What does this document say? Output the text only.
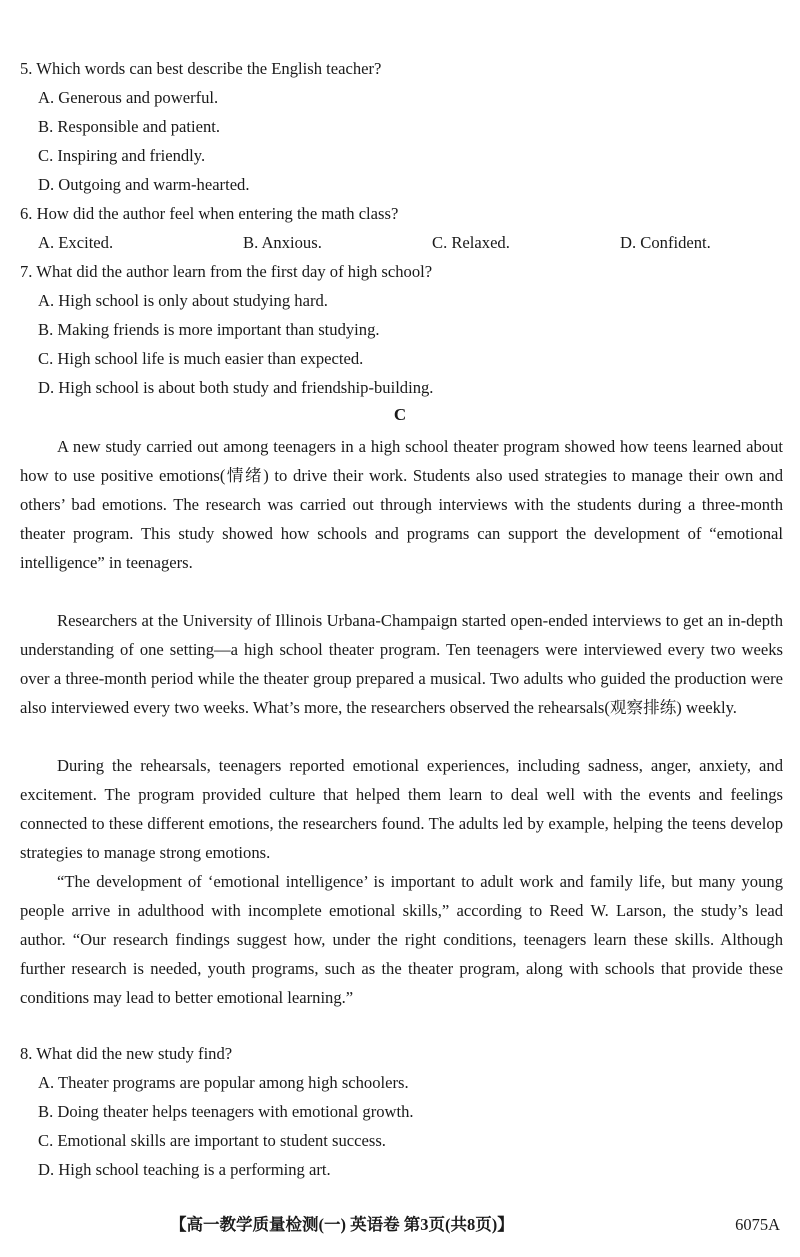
5. Which words can best describe the English teacher?
A. Generous and powerful.
B. Responsible and patient.
C. Inspiring and friendly.
D. Outgoing and warm-hearted.
6. How did the author feel when entering the math class?
A. Excited.	B. Anxious.	C. Relaxed.	D. Confident.
7. What did the author learn from the first day of high school?
A. High school is only about studying hard.
B. Making friends is more important than studying.
C. High school life is much easier than expected.
D. High school is about both study and friendship-building.
C

A new study carried out among teenagers in a high school theater program showed how teens learned about how to use positive emotions(情绪) to drive their work. Students also used strategies to manage their own and others’ bad emotions. The research was carried out through interviews with the students during a three-month theater program. This study showed how schools and programs can support the development of “emotional intelligence” in teenagers.

Researchers at the University of Illinois Urbana-Champaign started open-ended interviews to get an in-depth understanding of one setting—a high school theater program. Ten teenagers were interviewed every two weeks over a three-month period while the theater group prepared a musical. Two adults who guided the production were also interviewed every two weeks. What’s more, the researchers observed the rehearsals(观察排练) weekly.

During the rehearsals, teenagers reported emotional experiences, including sadness, anger, anxiety, and excitement. The program provided culture that helped them learn to deal well with the events and feelings connected to these different emotions, the researchers found. The adults led by example, helping the teens develop strategies to manage strong emotions.

“The development of ‘emotional intelligence’ is important to adult work and family life, but many young people arrive in adulthood with incomplete emotional skills,” according to Reed W. Larson, the study’s lead author. “Our research findings suggest how, under the right conditions, teenagers learn these skills. Although further research is needed, youth programs, such as the theater program, along with schools that provide these conditions may lead to better emotional learning.”

8. What did the new study find?
A. Theater programs are popular among high schoolers.
B. Doing theater helps teenagers with emotional growth.
C. Emotional skills are important to student success.
D. High school teaching is a performing art.
【高一教学质量检测(一) 英语卷 第3页(共8页)】	6075A
